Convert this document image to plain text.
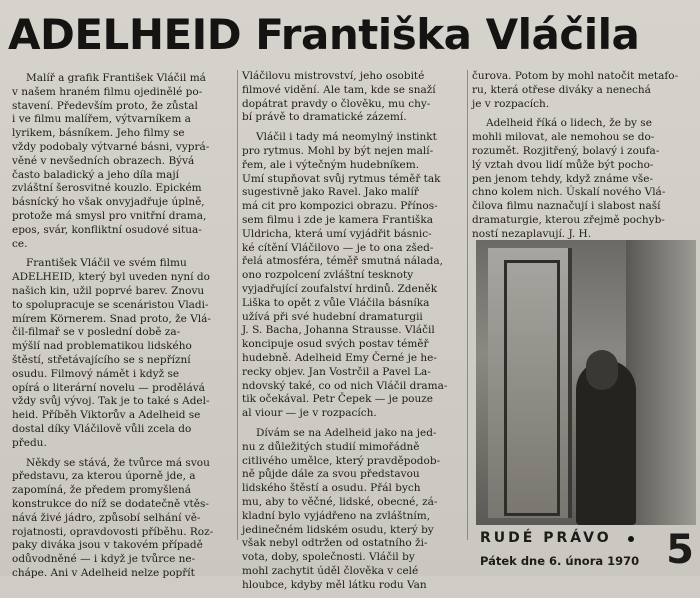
ADELHEID Františka Vláčila

Malíř a grafik František Vláčil má
v našem hraném filmu ojedinělé po-
stavení. Především proto, že zůstal
i ve filmu malířem, výtvarníkem a
lyrikem, básníkem. Jeho filmy se
vždy podobaly výtvarné básni, vyprá-
věné v nevšedních obrazech. Bývá
často baladický a jeho díla mají
zvláštní šerosvitné kouzlo. Epickém
básnícký ho však onvyjadřuje úplně,
protože má smysl pro vnitřní drama,
epos, svár, konfliktní osudové situa-
ce.

František Vláčil ve svém filmu
ADELHEID, který byl uveden nyní do
našich kin, užil poprvé barev. Znovu
to spolupracuje se scenáristou Vladi-
mírem Körnerem. Snad proto, že Vlá-
čil-filmař se v poslední době za-
mýšlí nad problematikou lidského
štěstí, střetávajícího se s nepřízní
osudu. Filmový námět i když se
opírá o literární novelu — prodělává
vždy svůj vývoj. Tak je to také s Adel-
heid. Příběh Viktorův a Adelheid se
dostal díky Vláčilově vůli zcela do
předu.

Někdy se stává, že tvůrce má svou
představu, za kterou úporně jde, a
zapomíná, že předem promyšlená
konstrukce do níž se dodatečně vtěs-
nává živé jádro, způsobí selhání vě-
rojatnosti, opravdovosti příběhu. Roz-
paky diváka jsou v takovém případě
odůvodněné — i když je tvůrce ne-
chápe. Ani v Adelheid nelze popřít

Vláčilovu mistrovství, jeho osobité
filmové vidění. Ale tam, kde se snaží
dopátrat pravdy o člověku, mu chy-
bí právě to dramatické zázemí.

Vláčil i tady má neomylný instinkt
pro rytmus. Mohl by být nejen malí-
řem, ale i výtečným hudebníkem.
Umí stupňovat svůj rytmus téměř tak
sugestivně jako Ravel. Jako malíř
má cit pro kompozici obrazu. Přínos-
sem filmu i zde je kamera Františka
Uldricha, která umí vyjádřit básnic-
ké cítění Vláčilovo — je to ona zšed-
řelá atmosféra, téměř smutná nálada,
ono rozpolcení zvláštní tesknoty
vyjadřující zoufalství hrdinů. Zdeněk
Liška to opět z vůle Vláčila básníka
užívá při své hudební dramaturgii
J. S. Bacha, Johanna Strausse. Vláčil
koncipuje osud svých postav téměř
hudebně. Adelheid Emy Černé je he-
recky objev. Jan Vostrčil a Pavel La-
ndovský také, co od nich Vláčil drama-
tik očekával. Petr Čepek — je pouze
al viour — je v rozpacích.

Dívám se na Adelheid jako na jed-
nu z důležitých studií mimořádně
citlivého umělce, který pravděpodob-
ně půjde dále za svou představou
lidského štěstí a osudu. Přál bych
mu, aby to věčné, lidské, obecné, zá-
kladní bylo vyjádřeno na zvláštním,
jedinečném lidském osudu, který by
však nebyl odtržen od ostatního ži-
vota, doby, společnosti. Vláčil by
mohl zachytit úděl člověka v celé
hloubce, kdyby měl látku rodu Van

čurova. Potom by mohl natočit metafo-
ru, která otřese diváky a nenechá
je v rozpacích.

Adelheid říká o lidech, že by se
mohli milovat, ale nemohou se do-
rozumět. Rozjitřený, bolavý i zoufa-
lý vztah dvou lidí může být pocho-
pen jenom tehdy, když známe vše-
chno kolem nich. Úskalí nového Vlá-
čilova filmu naznačují i slabost naší
dramaturgie, kterou zřejmě pochyb-
ností nezaplavují. J. H.

RUDÉ PRÁVO
Pátek dne 6. února 1970 5
